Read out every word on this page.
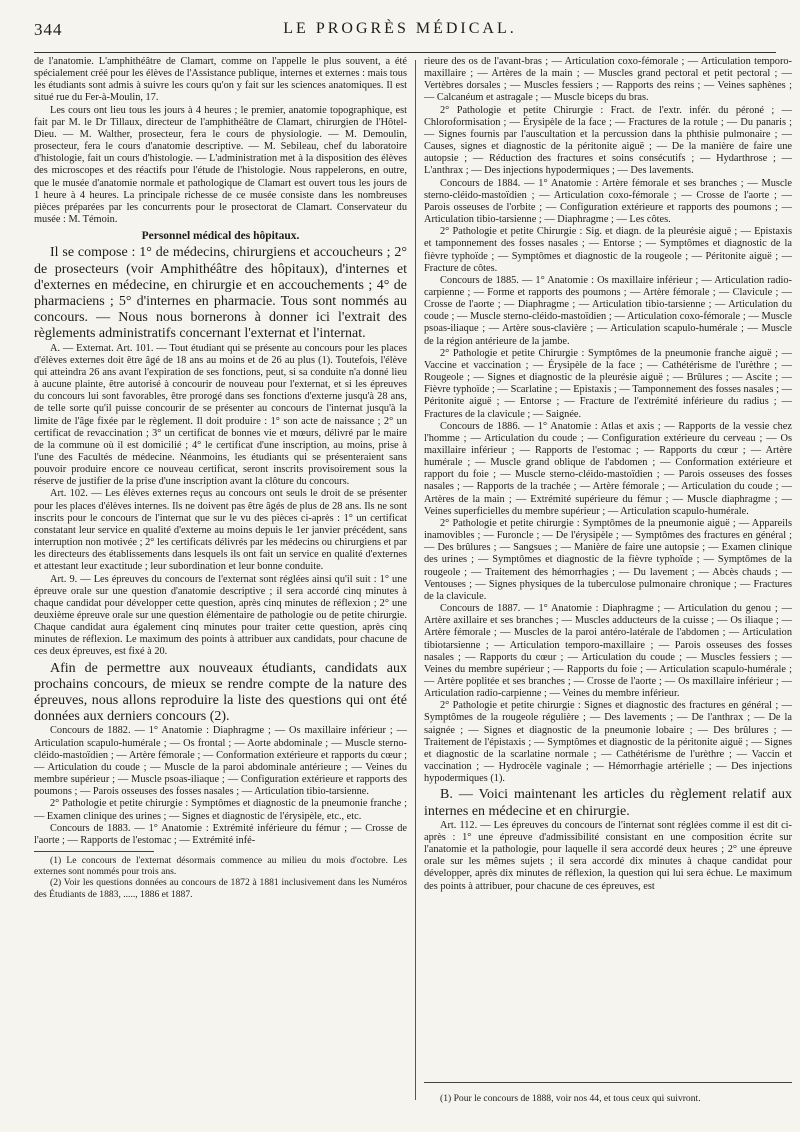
344	LE PROGRÈS MÉDICAL.

de l'anatomie. L'amphithéâtre de Clamart, comme on l'appelle le plus souvent, a été spécialement créé pour les élèves de l'Assistance publique, internes et externes : mais tous les étudiants sont admis à suivre les cours qu'on y fait sur les sciences anatomiques. Il est situé rue du Fer-à-Moulin, 17.

Les cours ont lieu tous les jours à 4 heures ; le premier, anatomie topographique, est fait par M. le Dr Tillaux, directeur de l'amphithéâtre de Clamart, chirurgien de l'Hôtel-Dieu. — M. Walther, prosecteur, fera le cours de physiologie. — M. Demoulin, prosecteur, fera le cours d'anatomie descriptive. — M. Sebileau, chef du laboratoire d'histologie, fait un cours d'histologie. — L'administration met à la disposition des élèves des microscopes et des réactifs pour l'étude de l'histologie. Nous rappelerons, en outre, que le musée d'anatomie normale et pathologique de Clamart est ouvert tous les jours de 1 heure à 4 heures. La principale richesse de ce musée consiste dans les nombreuses pièces préparées par les concurrents pour le prosectorat de Clamart. Conservateur du musée : M. Témoin.

Personnel médical des hôpitaux.

Il se compose : 1° de médecins, chirurgiens et accoucheurs ; 2° de prosecteurs (voir Amphithéâtre des hôpitaux), d'internes et d'externes en médecine, en chirurgie et en accouchements ; 4° de pharmaciens ; 5° d'internes en pharmacie. Tous sont nommés au concours. — Nous nous bornerons à donner ici l'extrait des règlements administratifs concernant l'externat et l'internat.

A. — Externat. Art. 101. — Tout étudiant qui se présente au concours pour les places d'élèves externes doit être âgé de 18 ans au moins et de 26 au plus (1). Toutefois, l'élève qui atteindra 26 ans avant l'expiration de ses fonctions, peut, si sa conduite n'a donné lieu à aucune plainte, être autorisé à concourir de nouveau pour l'externat, et si les épreuves du concours lui sont favorables, être prorogé dans ses fonctions d'externe jusqu'à 28 ans, de telle sorte qu'il puisse concourir de se présenter au concours de l'internat jusqu'à la limite de l'âge fixée par le règlement. Il doit produire : 1° son acte de naissance ; 2° un certificat de revaccination ; 3° un certificat de bonnes vie et mœurs, délivré par le maire de la commune où il est domicilié ; 4° le certificat d'une inscription, au moins, prise à l'une des Facultés de médecine. Néanmoins, les étudiants qui se présenteraient sans pouvoir produire encore ce nouveau certificat, seront inscrits provisoirement sous la réserve de justifier de la prise d'une inscription avant la clôture du concours.

Art. 102. — Les élèves externes reçus au concours ont seuls le droit de se présenter pour les places d'élèves internes. Ils ne doivent pas être âgés de plus de 28 ans. Ils ne sont inscrits pour le concours de l'internat que sur le vu des pièces ci-après : 1° un certificat constatant leur service en qualité d'externe au moins depuis le 1er janvier précédent, sans interruption non motivée ; 2° les certificats délivrés par les médecins ou chirurgiens et par les directeurs des établissements dans lesquels ils ont fait un service en qualité d'externes et attestant leur exactitude ; leur subordination et leur bonne conduite.

Art. 9. — Les épreuves du concours de l'externat sont réglées ainsi qu'il suit : 1° une épreuve orale sur une question d'anatomie descriptive ; il sera accordé cinq minutes à chaque candidat pour développer cette question, après cinq minutes de réflexion ; 2° une deuxième épreuve orale sur une question élémentaire de pathologie ou de petite chirurgie. Chaque candidat aura également cinq minutes pour traiter cette question, après cinq minutes de réflexion. Le maximum des points à attribuer aux candidats, pour chacune de ces deux épreuves, est fixé à 20.

Afin de permettre aux nouveaux étudiants, candidats aux prochains concours, de mieux se rendre compte de la nature des épreuves, nous allons reproduire la liste des questions qui ont été données aux derniers concours (2).

Concours de 1882. — 1° Anatomie : Diaphragme ; — Os maxillaire inférieur ; — Articulation scapulo-humérale ; — Os frontal ; — Aorte abdominale ; — Muscle sterno-cléido-mastoïdien ; — Artère fémorale ; — Conformation extérieure et rapports du cœur ; — Articulation du coude ; — Muscle de la paroi abdominale antérieure ; — Veines du membre supérieur ; — Muscle psoas-iliaque ; — Configuration extérieure et rapports des poumons ; — Parois osseuses des fosses nasales ; — Articulation tibio-tarsienne.

2° Pathologie et petite chirurgie : Symptômes et diagnostic de la pneumonie franche ; — Examen clinique des urines ; — Signes et diagnostic de l'érysipèle, etc., etc.

Concours de 1883. — 1° Anatomie : Extrémité inférieure du fémur ; — Crosse de l'aorte ; — Rapports de l'estomac ; — Extrémité infé-

(1) Le concours de l'externat désormais commence au milieu du mois d'octobre. Les externes sont nommés pour trois ans.

(2) Voir les questions données au concours de 1872 à 1881 inclusivement dans les Numéros des Étudiants de 1883, ....., 1886 et 1887.

rieure des os de l'avant-bras ; — Articulation coxo-fémorale ; — Articulation temporo-maxillaire ; — Artères de la main ; — Muscles grand pectoral et petit pectoral ; — Vertèbres dorsales ; — Muscles fessiers ; — Rapports des reins ; — Veines saphènes ; — Calcanéum et astragale ; — Muscle biceps du bras.

2° Pathologie et petite Chirurgie : Fract. de l'extr. infér. du péroné ; — Chloroformisation ; — Érysipèle de la face ; — Fractures de la rotule ; — Du panaris ; — Signes fournis par l'auscultation et la percussion dans la phthisie pulmonaire ; — Causes, signes et diagnostic de la péritonite aiguë ; — De la manière de faire une autopsie ; — Réduction des fractures et soins consécutifs ; — Hydarthrose ; — L'anthrax ; — Des injections hypodermiques ; — Des lavements.

Concours de 1884. — 1° Anatomie : Artère fémorale et ses branches ; — Muscle sterno-cléido-mastoïdien ; — Articulation coxo-fémorale ; — Crosse de l'aorte ; — Parois osseuses de l'orbite ; — Configuration extérieure et rapports des poumons ; — Articulation tibio-tarsienne ; — Diaphragme ; — Les côtes.

2° Pathologie et petite Chirurgie : Sig. et diagn. de la pleurésie aiguë ; — Epistaxis et tamponnement des fosses nasales ; — Entorse ; — Symptômes et diagnostic de la fièvre typhoïde ; — Symptômes et diagnostic de la rougeole ; — Péritonite aiguë ; — Fracture de côtes.

Concours de 1885. — 1° Anatomie : Os maxillaire inférieur ; — Articulation radio-carpienne ; — Forme et rapports des poumons ; — Artère fémorale ; — Clavicule ; — Crosse de l'aorte ; — Diaphragme ; — Articulation tibio-tarsienne ; — Articulation du coude ; — Muscle sterno-cléido-mastoïdien ; — Articulation coxo-fémorale ; — Muscle psoas-iliaque ; — Artère sous-clavière ; — Articulation scapulo-humérale ; — Muscle de la région antérieure de la jambe.

2° Pathologie et petite Chirurgie : Symptômes de la pneumonie franche aiguë ; — Vaccine et vaccination ; — Érysipèle de la face ; — Cathétérisme de l'urèthre ; — Rougeole ; — Signes et diagnostic de la pleurésie aiguë ; — Brûlures ; — Ascite ; — Fièvre typhoïde ; — Scarlatine ; — Epistaxis ; — Tamponnement des fosses nasales ; — Péritonite aiguë ; — Entorse ; — Fracture de l'extrémité inférieure du radius ; — Fractures de la clavicule ; — Saignée.

Concours de 1886. — 1° Anatomie : Atlas et axis ; — Rapports de la vessie chez l'homme ; — Articulation du coude ; — Configuration extérieure du cerveau ; — Os maxillaire inférieur ; — Rapports de l'estomac ; — Rapports du cœur ; — Artère humérale ; — Muscle grand oblique de l'abdomen ; — Conformation extérieure et rapport du foie ; — Muscle sterno-cléido-mastoïdien ; — Parois osseuses des fosses nasales ; — Rapports de la trachée ; — Artère fémorale ; — Articulation du coude ; — Artères de la main ; — Extrémité supérieure du fémur ; — Muscle diaphragme ; — Veines superficielles du membre supérieur ; — Articulation scapulo-humérale.

2° Pathologie et petite chirurgie : Symptômes de la pneumonie aiguë ; — Appareils inamovibles ; — Furoncle ; — De l'érysipèle ; — Symptômes des fractures en général ; — Des brûlures ; — Sangsues ; — Manière de faire une autopsie ; — Examen clinique des urines ; — Symptômes et diagnostic de la fièvre typhoïde ; — Symptômes de la rougeole ; — Traitement des hémorrhagies ; — Du lavement ; — Abcès chauds ; — Ventouses ; — Signes physiques de la tuberculose pulmonaire chronique ; — Fractures de la clavicule.

Concours de 1887. — 1° Anatomie : Diaphragme ; — Articulation du genou ; — Artère axillaire et ses branches ; — Muscles adducteurs de la cuisse ; — Os iliaque ; — Artère fémorale ; — Muscles de la paroi antéro-latérale de l'abdomen ; — Articulation tibiotarsienne ; — Articulation temporo-maxillaire ; — Parois osseuses des fosses nasales ; — Rapports du cœur ; — Articulation du coude ; — Muscles fessiers ; — Veines du membre supérieur ; — Rapports du foie ; — Articulation scapulo-humérale ; — Artère poplitée et ses branches ; — Crosse de l'aorte ; — Os maxillaire inférieur ; — Articulation radio-carpienne ; — Veines du membre inférieur.

2° Pathologie et petite chirurgie : Signes et diagnostic des fractures en général ; — Symptômes de la rougeole régulière ; — Des lavements ; — De l'anthrax ; — De la saignée ; — Signes et diagnostic de la pneumonie lobaire ; — Des brûlures ; — Traitement de l'épistaxis ; — Symptômes et diagnostic de la péritonite aiguë ; — Signes et diagnostic de la scarlatine normale ; — Cathétérisme de l'urèthre ; — Vaccin et vaccination ; — Hydrocèle vaginale ; — Hémorrhagie artérielle ; — Des injections hypodermiques (1).

B. — Voici maintenant les articles du règlement relatif aux internes en médecine et en chirurgie.

Art. 112. — Les épreuves du concours de l'internat sont réglées comme il est dit ci-après : 1° une épreuve d'admissibilité consistant en une composition écrite sur l'anatomie et la pathologie, pour laquelle il sera accordé deux heures ; 2° une épreuve orale sur les mêmes sujets ; il sera accordé dix minutes à chaque candidat pour développer, après dix minutes de réflexion, la question qui lui sera échue. Le maximum des points à attribuer, pour chacune de ces épreuves, est

(1) Pour le concours de 1888, voir nos 44, et tous ceux qui suivront.
